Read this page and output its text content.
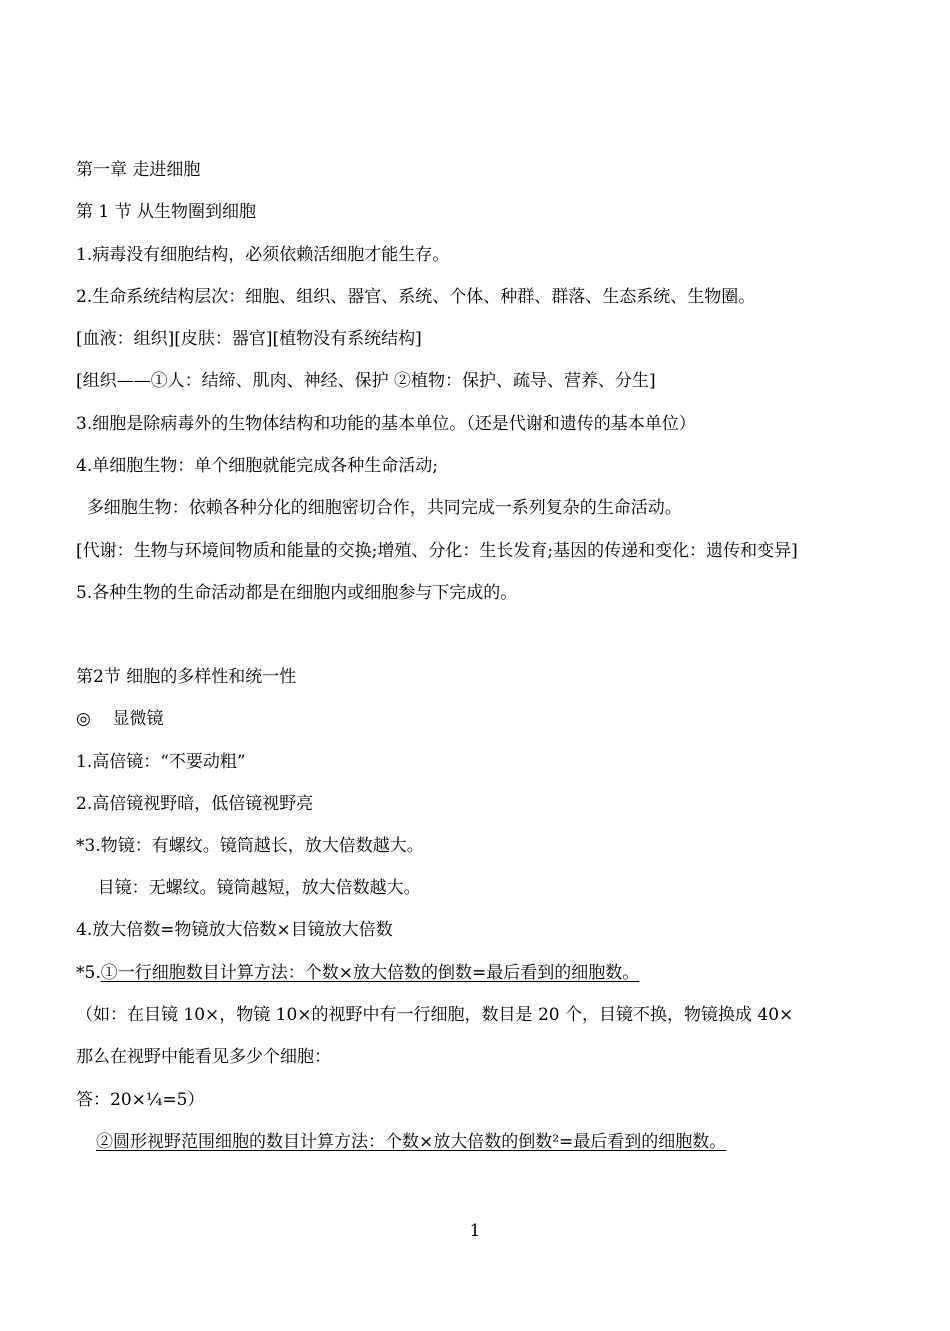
第一章 走进细胞
第 1 节 从生物圈到细胞
1.病毒没有细胞结构，必须依赖活细胞才能生存。
2.生命系统结构层次：细胞、组织、器官、系统、个体、种群、群落、生态系统、生物圈。
[血液：组织][皮肤：器官][植物没有系统结构]
[组织——①人：结缔、肌肉、神经、保护 ②植物：保护、疏导、营养、分生]
3.细胞是除病毒外的生物体结构和功能的基本单位。（还是代谢和遗传的基本单位）
4.单细胞生物：单个细胞就能完成各种生命活动;
多细胞生物：依赖各种分化的细胞密切合作，共同完成一系列复杂的生命活动。
[代谢：生物与环境间物质和能量的交换;增殖、分化：生长发育;基因的传递和变化：遗传和变异]
5.各种生物的生命活动都是在细胞内或细胞参与下完成的。
第2节 细胞的多样性和统一性
◎    显微镜
1.高倍镜：“不要动粗”
2.高倍镜视野暗，低倍镜视野亮
*3.物镜：有螺纹。镜筒越长，放大倍数越大。
目镜：无螺纹。镜筒越短，放大倍数越大。
4.放大倍数=物镜放大倍数×目镜放大倍数
*5.①一行细胞数目计算方法：个数×放大倍数的倒数=最后看到的细胞数。
（如：在目镜 10×，物镜 10×的视野中有一行细胞，数目是 20 个，目镜不换，物镜换成 40×
那么在视野中能看见多少个细胞：
答：20×¼=5）
②圆形视野范围细胞的数目计算方法：个数×放大倍数的倒数²=最后看到的细胞数。
1
